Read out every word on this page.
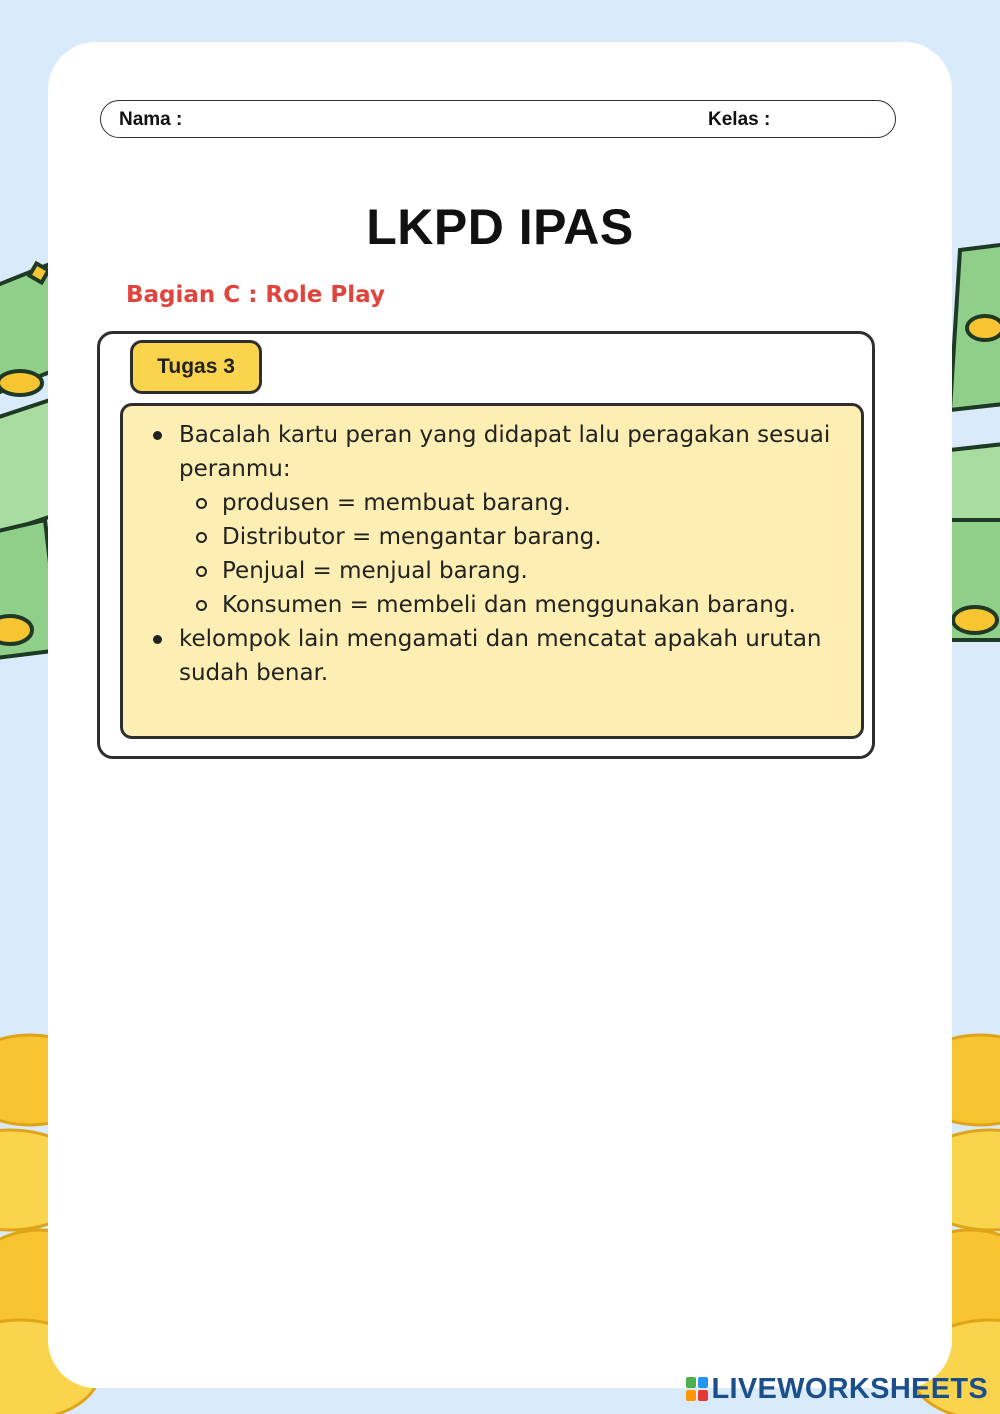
Nama :	Kelas :
LKPD IPAS
Bagian C : Role Play
Tugas 3
Bacalah kartu peran yang didapat lalu peragakan sesuai peranmu:
produsen = membuat barang.
Distributor = mengantar barang.
Penjual = menjual barang.
Konsumen = membeli dan menggunakan barang.
kelompok lain mengamati dan mencatat apakah urutan sudah benar.
LIVEWORKSHEETS
